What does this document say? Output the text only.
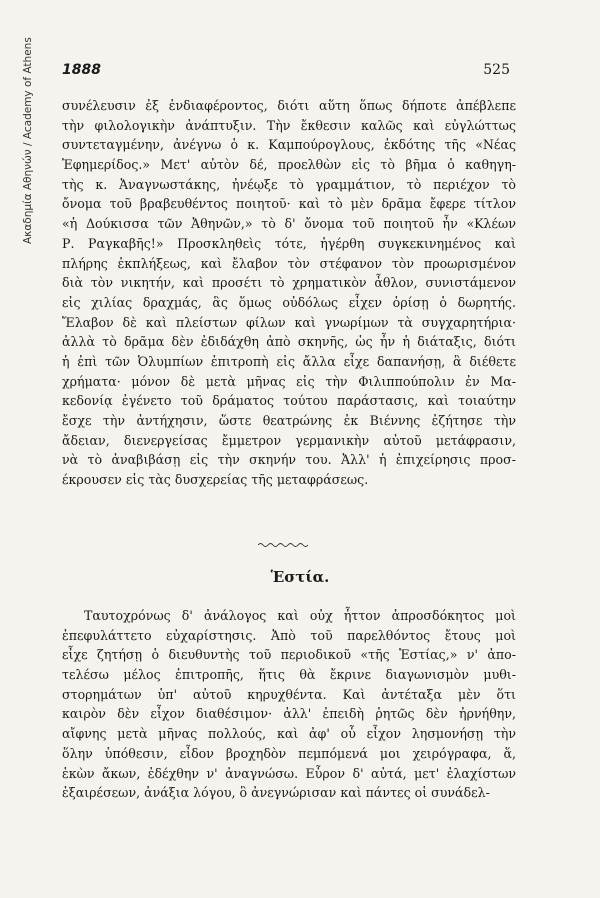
Ακαδημία Αθηνών / Academy of Athens 1888	525
συνέλευσιν ἐξ ἐνδιαφέροντος, διότι αὕτη ὅπως δήποτε ἀπέβλεπε
τὴν φιλολογικὴν ἀνάπτυξιν. Τὴν ἔκθεσιν καλῶς καὶ εὐγλώττως
συντεταγμένην, ἀνέγνω ὁ κ. Καμπούρογλους, ἐκδότης τῆς «Νέας
Ἐφημερίδος.» Μετ' αὐτὸν δέ, προελθὼν εἰς τὸ βῆμα ὁ καθηγη-
τὴς κ. Ἀναγνωστάκης, ἠνέῳξε τὸ γραμμάτιον, τὸ περιέχον τὸ
ὄνομα τοῦ βραβευθέντος ποιητοῦ· καὶ τὸ μὲν δρᾶμα ἔφερε τίτλον
«ἡ Δούκισσα τῶν Ἀθηνῶν,» τὸ δ' ὄνομα τοῦ ποιητοῦ ἦν «Κλέων
Ρ. Ραγκαβῆς!» Προσκληθεὶς τότε, ἠγέρθη συγκεκινημένος καὶ
πλήρης ἐκπλήξεως, καὶ ἔλαβον τὸν στέφανον τὸν προωρισμένον
διὰ τὸν νικητήν, καὶ προσέτι τὸ χρηματικὸν ἆθλον, συνιστάμενον
εἰς χιλίας δραχμάς, ἃς ὅμως οὐδόλως εἶχεν ὁρίσῃ ὁ δωρητής.
Ἔλαβον δὲ καὶ πλείστων φίλων καὶ γνωρίμων τὰ συγχαρητήρια·
ἀλλὰ τὸ δρᾶμα δὲν ἐδιδάχθη ἀπὸ σκηνῆς, ὡς ἦν ἡ διάταξις, διότι
ἡ ἐπὶ τῶν Ὀλυμπίων ἐπιτροπὴ εἰς ἄλλα εἶχε δαπανήσῃ, ἃ διέθετε
χρήματα· μόνον δὲ μετὰ μῆνας εἰς τὴν Φιλιππούπολιν ἐν Μα-
κεδονίᾳ ἐγένετο τοῦ δράματος τούτου παράστασις, καὶ τοιαύτην
ἔσχε τὴν ἀντήχησιν, ὥστε θεατρώνης ἐκ Βιέννης ἐζήτησε τὴν
ἄδειαν, διενεργείσας ἔμμετρον γερμανικὴν αὐτοῦ μετάφρασιν,
νὰ τὸ ἀναβιβάσῃ εἰς τὴν σκηνήν του. Ἀλλ' ἡ ἐπιχείρησις προσ-
έκρουσεν εἰς τὰς δυσχερείας τῆς μεταφράσεως.
Ἑστία.
Ταυτοχρόνως δ' ἀνάλογος καὶ οὐχ ἧττον ἀπροσδόκητος μοὶ
ἐπεφυλάττετο εὐχαρίστησις. Ἀπὸ τοῦ παρελθόντος ἔτους μοὶ
εἶχε ζητήσῃ ὁ διευθυντὴς τοῦ περιοδικοῦ «τῆς Ἑστίας,» ν' ἀπο-
τελέσω μέλος ἐπιτροπῆς, ἥτις θὰ ἔκρινε διαγωνισμὸν μυθι-
στορημάτων ὑπ' αὐτοῦ κηρυχθέντα. Καὶ ἀντέταξα μὲν ὅτι
καιρὸν δὲν εἶχον διαθέσιμον· ἀλλ' ἐπειδὴ ῥητῶς δὲν ἠρνήθην,
αἴφνης μετὰ μῆνας πολλούς, καὶ ἀφ' οὗ εἶχον λησμονήσῃ τὴν
ὅλην ὑπόθεσιν, εἶδον βροχηδὸν πεμπόμενά μοι χειρόγραφα, ἅ,
ἑκὼν ἄκων, ἐδέχθην ν' ἀναγνώσω. Εὗρον δ' αὐτά, μετ' ἐλαχίστων
ἐξαιρέσεων, ἀνάξια λόγου, ὃ ἀνεγνώρισαν καὶ πάντες οἱ συνάδελ-
